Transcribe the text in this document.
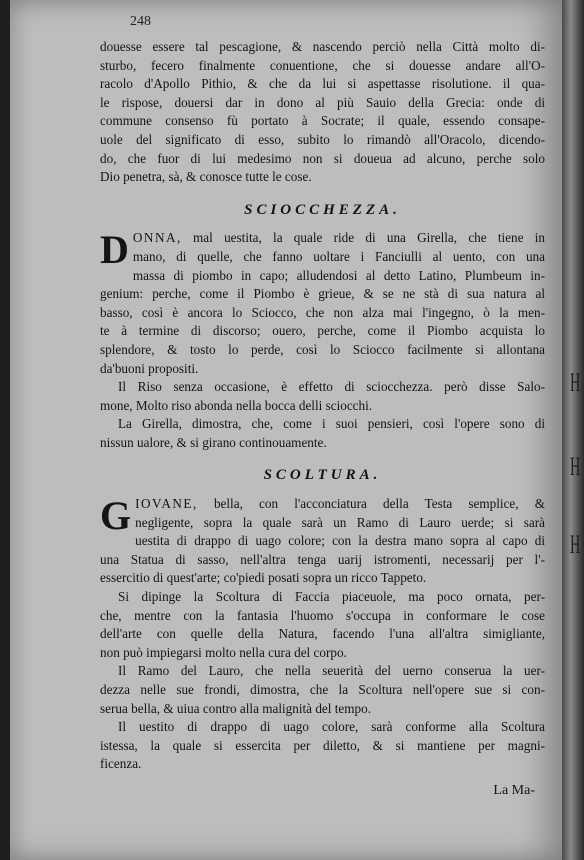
248
douesse essere tal pescagione, & nascendo perciò nella Città molto di-
sturbo, fecero finalmente conuentione, che si douesse andare all'O-
racolo d'Apollo Pithio, & che da lui si aspettasse risolutione. il qua-
le rispose, douersi dar in dono al più Sauio della Grecia: onde di
commune consenso fù portato à Socrate; il quale, essendo consape-
uole del significato di esso, subito lo rimandò all'Oracolo, dicendo-
do, che fuor di lui medesimo non si doueua ad alcuno, perche solo
Dio penetra, sà, & conosce tutte le cose.
SCIOCCHEZZA.
D ONNA, mal uestita, la quale ride di una Girella, che tiene in
mano, di quelle, che fanno uoltare i Fanciulli al uento, con una
massa di piombo in capo; alludendosi al detto Latino, Plumbeum in-
genium: perche, come il Piombo è grieue, & se ne stà di sua natura al
basso, così è ancora lo Sciocco, che non alza mai l'ingegno, ò la men-
te à termine di discorso; ouero, perche, come il Piombo acquista lo
splendore, & tosto lo perde, così lo Sciocco facilmente si allontana
da'buoni propositi.
Il Riso senza occasione, è effetto di sciocchezza. però disse Salo-
mone, Molto riso abonda nella bocca delli sciocchi.
La Girella, dimostra, che, come i suoi pensieri, così l'opere sono di
nissun ualore, & si girano continouamente.
SCOLTURA.
G IOVANE, bella, con l'acconciatura della Testa semplice, &
negligente, sopra la quale sarà un Ramo di Lauro uerde; si sarà
uestita di drappo di uago colore; con la destra mano sopra al capo di
una Statua di sasso, nell'altra tenga uarij istromenti, necessarij per l'-
essercitio di quest'arte; co'piedi posati sopra un ricco Tappeto.
Si dipinge la Scoltura di Faccia piaceuole, ma poco ornata, per-
che, mentre con la fantasia l'huomo s'occupa in conformare le cose
dell'arte con quelle della Natura, facendo l'una all'altra simigliante,
non può impiegarsi molto nella cura del corpo.
Il Ramo del Lauro, che nella seuerità del uerno conserua la uer-
dezza nelle sue frondi, dimostra, che la Scoltura nell'opere sue si con-
serua bella, & uiua contro alla malignità del tempo.
Il uestito di drappo di uago colore, sarà conforme alla Scoltura
istessa, la quale si essercita per diletto, & si mantiene per magni-
ficenza.
La Ma-
H
H
H
